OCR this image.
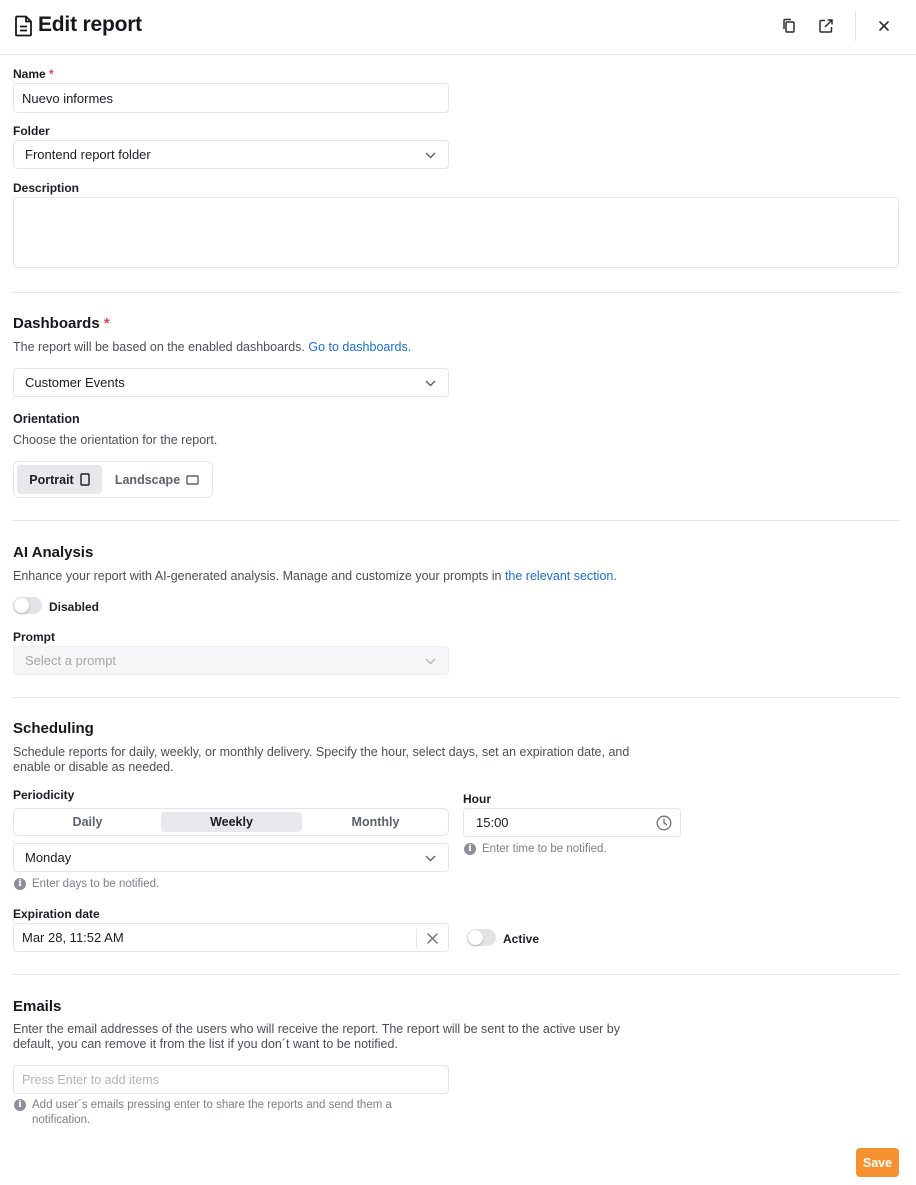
Edit report
Name *
Nuevo informes
Folder
Frontend report folder
Description
Dashboards *
The report will be based on the enabled dashboards. Go to dashboards.
Customer Events
Orientation
Choose the orientation for the report.
Portrait	Landscape
AI Analysis
Enhance your report with AI-generated analysis. Manage and customize your prompts in the relevant section.
Disabled
Prompt
Select a prompt
Scheduling
Schedule reports for daily, weekly, or monthly delivery. Specify the hour, select days, set an expiration date, and
enable or disable as needed.
Periodicity
Daily	Weekly	Monthly
Monday
i Enter days to be notified.
Hour
15:00
i Enter time to be notified.
Expiration date
Mar 28, 11:52 AM	Active
Emails
Enter the email addresses of the users who will receive the report. The report will be sent to the active user by
default, you can remove it from the list if you don´t want to be notified.
Press Enter to add items
i Add user´s emails pressing enter to share the reports and send them a
notification.
Save
